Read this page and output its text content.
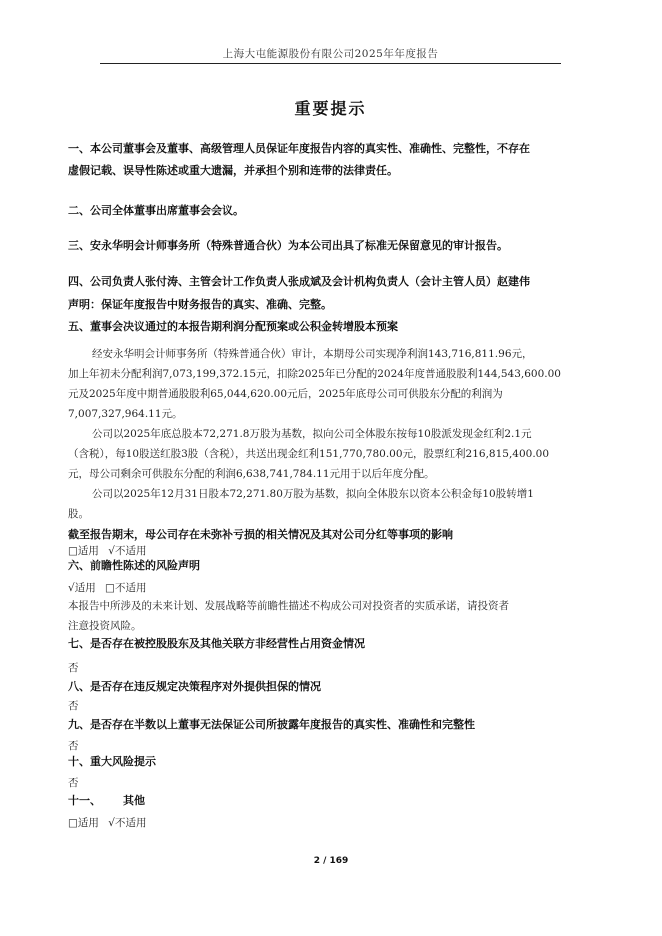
上海大屯能源股份有限公司2025年年度报告
重要提示
一、本公司董事会及董事、高级管理人员保证年度报告内容的真实性、准确性、完整性，不存在
虚假记载、误导性陈述或重大遗漏，并承担个别和连带的法律责任。
二、公司全体董事出席董事会会议。
三、安永华明会计师事务所（特殊普通合伙）为本公司出具了标准无保留意见的审计报告。
四、公司负责人张付涛、主管会计工作负责人张成斌及会计机构负责人（会计主管人员）赵建伟
声明：保证年度报告中财务报告的真实、准确、完整。
五、董事会决议通过的本报告期利润分配预案或公积金转增股本预案
经安永华明会计师事务所（特殊普通合伙）审计，本期母公司实现净利润143,716,811.96元，
加上年初未分配利润7,073,199,372.15元，扣除2025年已分配的2024年度普通股股利144,543,600.00
元及2025年度中期普通股股利65,044,620.00元后，2025年底母公司可供股东分配的利润为
7,007,327,964.11元。
公司以2025年底总股本72,271.8万股为基数，拟向公司全体股东按每10股派发现金红利2.1元
（含税），每10股送红股3股（含税），共送出现金红利151,770,780.00元，股票红利216,815,400.00
元，母公司剩余可供股东分配的利润6,638,741,784.11元用于以后年度分配。
公司以2025年12月31日股本72,271.80万股为基数，拟向全体股东以资本公积金每10股转增1
股。
截至报告期末，母公司存在未弥补亏损的相关情况及其对公司分红等事项的影响
□适用 √不适用
六、前瞻性陈述的风险声明
√适用 □不适用
本报告中所涉及的未来计划、发展战略等前瞻性描述不构成公司对投资者的实质承诺，请投资者
注意投资风险。
七、是否存在被控股股东及其他关联方非经营性占用资金情况
否
八、是否存在违反规定决策程序对外提供担保的情况
否
九、是否存在半数以上董事无法保证公司所披露年度报告的真实性、准确性和完整性
否
十、重大风险提示
否
十一、 其他
□适用 √不适用
2 / 169
